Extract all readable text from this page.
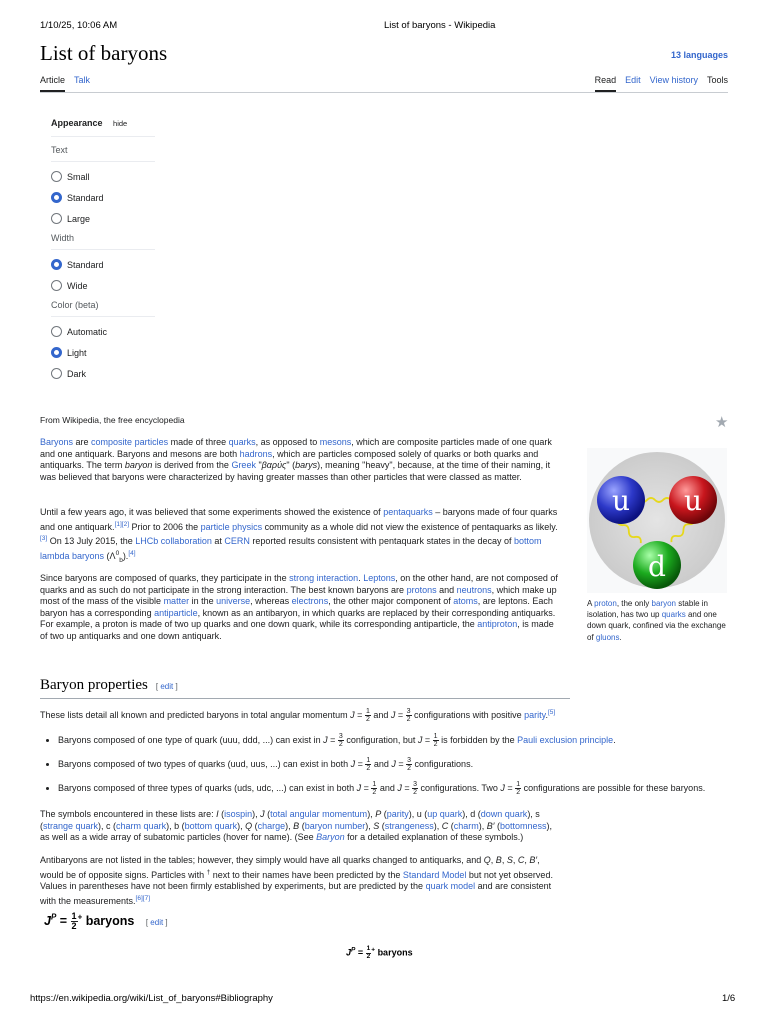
1/10/25, 10:06 AM	List of baryons - Wikipedia
List of baryons	13 languages
Article Talk	Read Edit View history Tools
Appearance hide
Text
Small
Standard
Large
Width
Standard
Wide
Color (beta)
Automatic
Light
Dark
From Wikipedia, the free encyclopedia	★

Baryons are composite particles made of three quarks, as opposed to mesons, which are composite particles made of one quark and one antiquark. Baryons and mesons are both hadrons, which are particles composed solely of quarks or both quarks and antiquarks. The term baryon is derived from the Greek "βαρύς" (barys), meaning "heavy", because, at the time of their naming, it was believed that baryons were characterized by having greater masses than other particles that were classed as matter.

Until a few years ago, it was believed that some experiments showed the existence of pentaquarks – baryons made of four quarks and one antiquark.[1][2] Prior to 2006 the particle physics community as a whole did not view the existence of pentaquarks as likely.[3] On 13 July 2015, the LHCb collaboration at CERN reported results consistent with pentaquark states in the decay of bottom lambda baryons $(\Lambda^0_b).[4]$

Since baryons are composed of quarks, they participate in the strong interaction. Leptons, on the other hand, are not composed of quarks and as such do not participate in the strong interaction. The best known baryons are protons and neutrons, which make up most of the mass of the visible matter in the universe, whereas electrons, the other major component of atoms, are leptons. Each baryon has a corresponding antiparticle, known as an antibaryon, in which quarks are replaced by their corresponding antiquarks. For example, a proton is made of two up quarks and one down quark, while its corresponding antiparticle, the antiproton, is made of two up antiquarks and one down antiquark.

u u
d
A proton, the only baryon stable in isolation, has two up quarks and one down quark, confined via the exchange of gluons.
Baryon properties [ edit ]

These lists detail all known and predicted baryons in total angular momentum $J = \frac{1}{2}$ and $J = \frac{3}{2}$ configurations with positive parity.[5]

• Baryons composed of one type of quark (uuu, ddd, ...) can exist in $J = \frac{3}{2}$ configuration, but $J = \frac{1}{2}$ is forbidden by the Pauli exclusion principle.
• Baryons composed of two types of quarks (uud, uus, ...) can exist in both $J = \frac{1}{2}$ and $J = \frac{3}{2}$ configurations.
• Baryons composed of three types of quarks (uds, udc, ...) can exist in both $J = \frac{1}{2}$ and $J = \frac{3}{2}$ configurations. Two $J = \frac{1}{2}$ configurations are possible for these baryons.

The symbols encountered in these lists are: I (isospin), J (total angular momentum), P (parity), u (up quark), d (down quark), s (strange quark), c (charm quark), b (bottom quark), Q (charge), B (baryon number), S (strangeness), C (charm), B′ (bottomness), as well as a wide array of subatomic particles (hover for name). (See Baryon for a detailed explanation of these symbols.)

Antibaryons are not listed in the tables; however, they simply would have all quarks changed to antiquarks, and Q, B, S, C, B′, would be of opposite signs. Particles with † next to their names have been predicted by the Standard Model but not yet observed. Values in parentheses have not been firmly established by experiments, but are predicted by the quark model and are consistent with the measurements.[6][7]

$J^P = \frac{1}{2} ^+$ baryons [ edit ]
$J^P = \frac{1}{2} ^+$ baryons
https://en.wikipedia.org/wiki/List_of_baryons#Bibliography	1/6
